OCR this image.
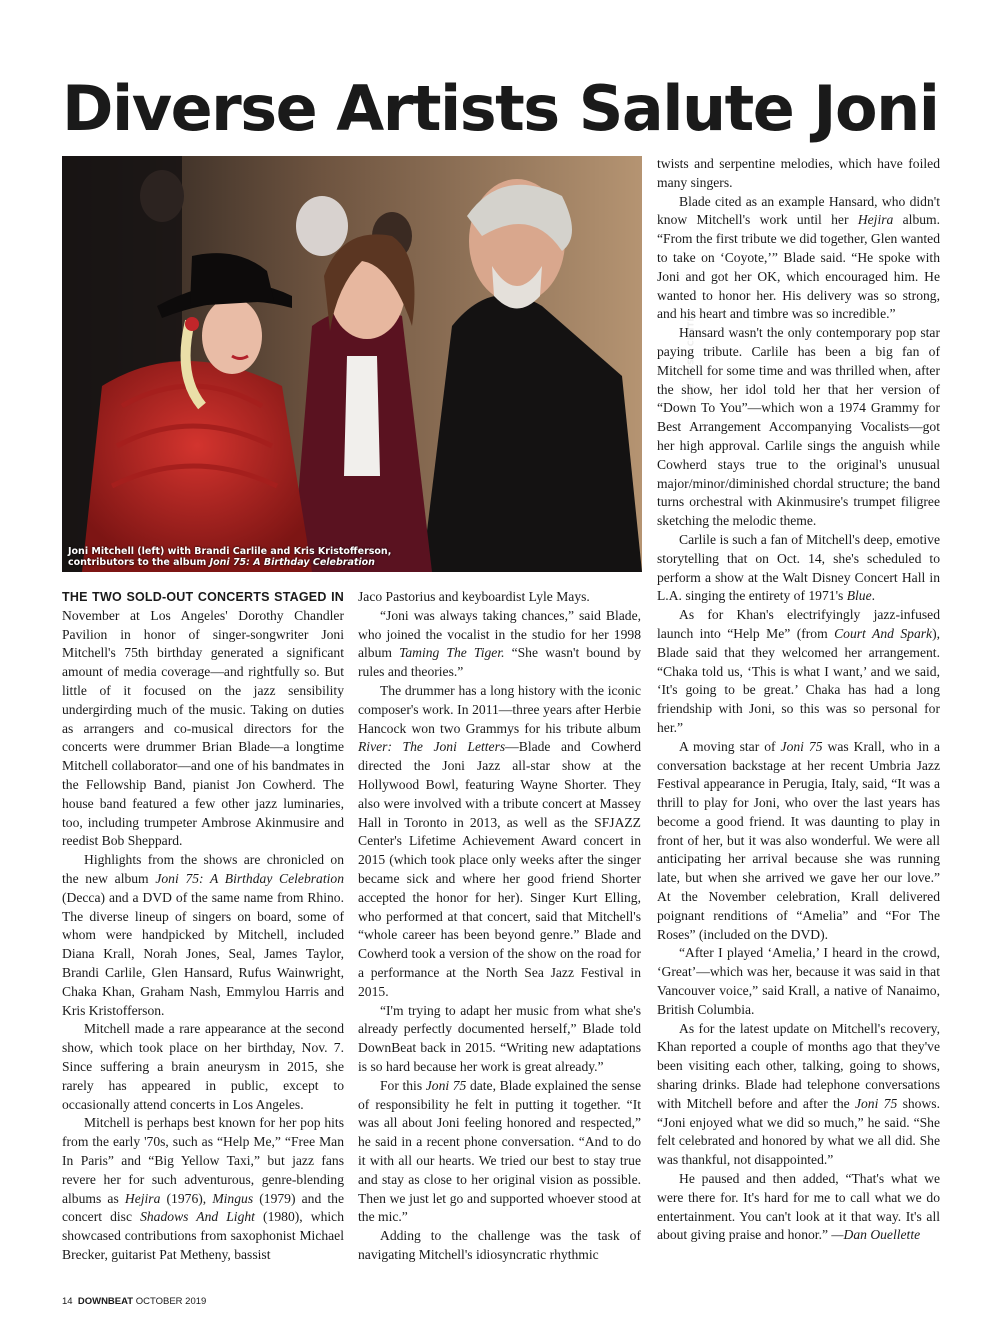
Diverse Artists Salute Joni
THE MUSIC CENTER
Joni Mitchell (left) with Brandi Carlile and Kris Kristofferson,
contributors to the album Joni 75: A Birthday Celebration

THE TWO SOLD-OUT CONCERTS STAGED IN November at Los Angeles' Dorothy Chandler Pavilion in honor of singer-songwriter Joni Mitchell's 75th birthday generated a significant amount of media coverage—and rightfully so. But little of it focused on the jazz sensibility undergirding much of the music. Taking on duties as arrangers and co-musical directors for the concerts were drummer Brian Blade—a longtime Mitchell collaborator—and one of his bandmates in the Fellowship Band, pianist Jon Cowherd. The house band featured a few other jazz luminaries, too, including trumpeter Ambrose Akinmusire and reedist Bob Sheppard.

Highlights from the shows are chronicled on the new album Joni 75: A Birthday Celebration (Decca) and a DVD of the same name from Rhino. The diverse lineup of singers on board, some of whom were handpicked by Mitchell, included Diana Krall, Norah Jones, Seal, James Taylor, Brandi Carlile, Glen Hansard, Rufus Wainwright, Chaka Khan, Graham Nash, Emmylou Harris and Kris Kristofferson.

Mitchell made a rare appearance at the second show, which took place on her birthday, Nov. 7. Since suffering a brain aneurysm in 2015, she rarely has appeared in public, except to occasionally attend concerts in Los Angeles.

Mitchell is perhaps best known for her pop hits from the early '70s, such as “Help Me,” “Free Man In Paris” and “Big Yellow Taxi,” but jazz fans revere her for such adventurous, genre-blending albums as Hejira (1976), Mingus (1979) and the concert disc Shadows And Light (1980), which showcased contributions from saxophonist Michael Brecker, guitarist Pat Metheny, bassist

Jaco Pastorius and keyboardist Lyle Mays.

“Joni was always taking chances,” said Blade, who joined the vocalist in the studio for her 1998 album Taming The Tiger. “She wasn't bound by rules and theories.”

The drummer has a long history with the iconic composer's work. In 2011—three years after Herbie Hancock won two Grammys for his tribute album River: The Joni Letters—Blade and Cowherd directed the Joni Jazz all-star show at the Hollywood Bowl, featuring Wayne Shorter. They also were involved with a tribute concert at Massey Hall in Toronto in 2013, as well as the SFJAZZ Center's Lifetime Achievement Award concert in 2015 (which took place only weeks after the singer became sick and where her good friend Shorter accepted the honor for her). Singer Kurt Elling, who performed at that concert, said that Mitchell's “whole career has been beyond genre.” Blade and Cowherd took a version of the show on the road for a performance at the North Sea Jazz Festival in 2015.

“I'm trying to adapt her music from what she's already perfectly documented herself,” Blade told DownBeat back in 2015. “Writing new adaptations is so hard because her work is great already.”

For this Joni 75 date, Blade explained the sense of responsibility he felt in putting it together. “It was all about Joni feeling honored and respected,” he said in a recent phone conversation. “And to do it with all our hearts. We tried our best to stay true and stay as close to her original vision as possible. Then we just let go and supported whoever stood at the mic.”

Adding to the challenge was the task of navigating Mitchell's idiosyncratic rhythmic

twists and serpentine melodies, which have foiled many singers.

Blade cited as an example Hansard, who didn't know Mitchell's work until her Hejira album. “From the first tribute we did together, Glen wanted to take on ‘Coyote,’” Blade said. “He spoke with Joni and got her OK, which encouraged him. He wanted to honor her. His delivery was so strong, and his heart and timbre was so incredible.”

Hansard wasn't the only contemporary pop star paying tribute. Carlile has been a big fan of Mitchell for some time and was thrilled when, after the show, her idol told her that her version of “Down To You”—which won a 1974 Grammy for Best Arrangement Accompanying Vocalists—got her high approval. Carlile sings the anguish while Cowherd stays true to the original's unusual major/minor/diminished chordal structure; the band turns orchestral with Akinmusire's trumpet filigree sketching the melodic theme.

Carlile is such a fan of Mitchell's deep, emotive storytelling that on Oct. 14, she's scheduled to perform a show at the Walt Disney Concert Hall in L.A. singing the entirety of 1971's Blue.

As for Khan's electrifyingly jazz-infused launch into “Help Me” (from Court And Spark), Blade said that they welcomed her arrangement. “Chaka told us, ‘This is what I want,’ and we said, ‘It's going to be great.’ Chaka has had a long friendship with Joni, so this was so personal for her.”

A moving star of Joni 75 was Krall, who in a conversation backstage at her recent Umbria Jazz Festival appearance in Perugia, Italy, said, “It was a thrill to play for Joni, who over the last years has become a good friend. It was daunting to play in front of her, but it was also wonderful. We were all anticipating her arrival because she was running late, but when she arrived we gave her our love.” At the November celebration, Krall delivered poignant renditions of “Amelia” and “For The Roses” (included on the DVD).

“After I played ‘Amelia,’ I heard in the crowd, ‘Great’—which was her, because it was said in that Vancouver voice,” said Krall, a native of Nanaimo, British Columbia.

As for the latest update on Mitchell's recovery, Khan reported a couple of months ago that they've been visiting each other, talking, going to shows, sharing drinks. Blade had telephone conversations with Mitchell before and after the Joni 75 shows. “Joni enjoyed what we did so much,” he said. “She felt celebrated and honored by what we all did. She was thankful, not disappointed.”

He paused and then added, “That's what we were there for. It's hard for me to call what we do entertainment. You can't look at it that way. It's all about giving praise and honor.” —Dan Ouellette

14 DOWNBEAT OCTOBER 2019
